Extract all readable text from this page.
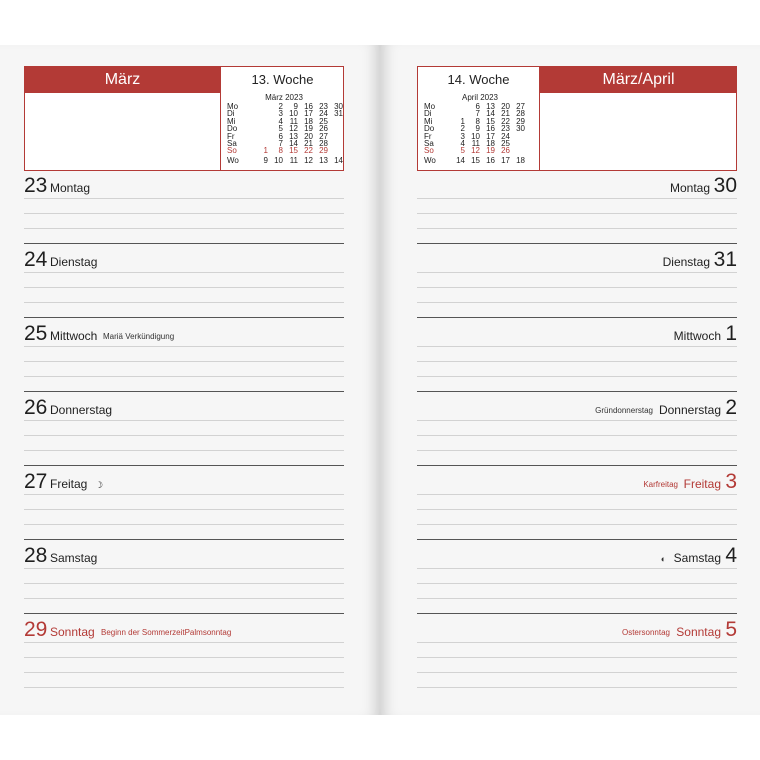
März	13. Woche
März 2023
Mo		2	9	16	23	30
Di		3	10	17	24	31
Mi		4	11	18	25	
Do		5	12	19	26	
Fr		6	13	20	27	
Sa		7	14	21	28	
So	1	8	15	22	29	
Wo	9	10	11	12	13	14
23 Montag
24 Dienstag
25 Mittwoch Mariä Verkündigung
26 Donnerstag
27 Freitag ☽
28 Samstag
29 Sonntag Beginn der SommerzeitPalmsonntag
14. Woche	März/April
April 2023
Mo		6	13	20	27
Di		7	14	21	28
Mi	1	8	15	22	29
Do	2	9	16	23	30
Fr	3	10	17	24	
Sa	4	11	18	25	
So	5	12	19	26	
Wo	14	15	16	17	18
30
Montag
31
Dienstag
1
Mittwoch
2
Donnerstag
Gründonnerstag
3
Freitag
Karfreitag
4
Samstag
◐
5
Sonntag
Ostersonntag
